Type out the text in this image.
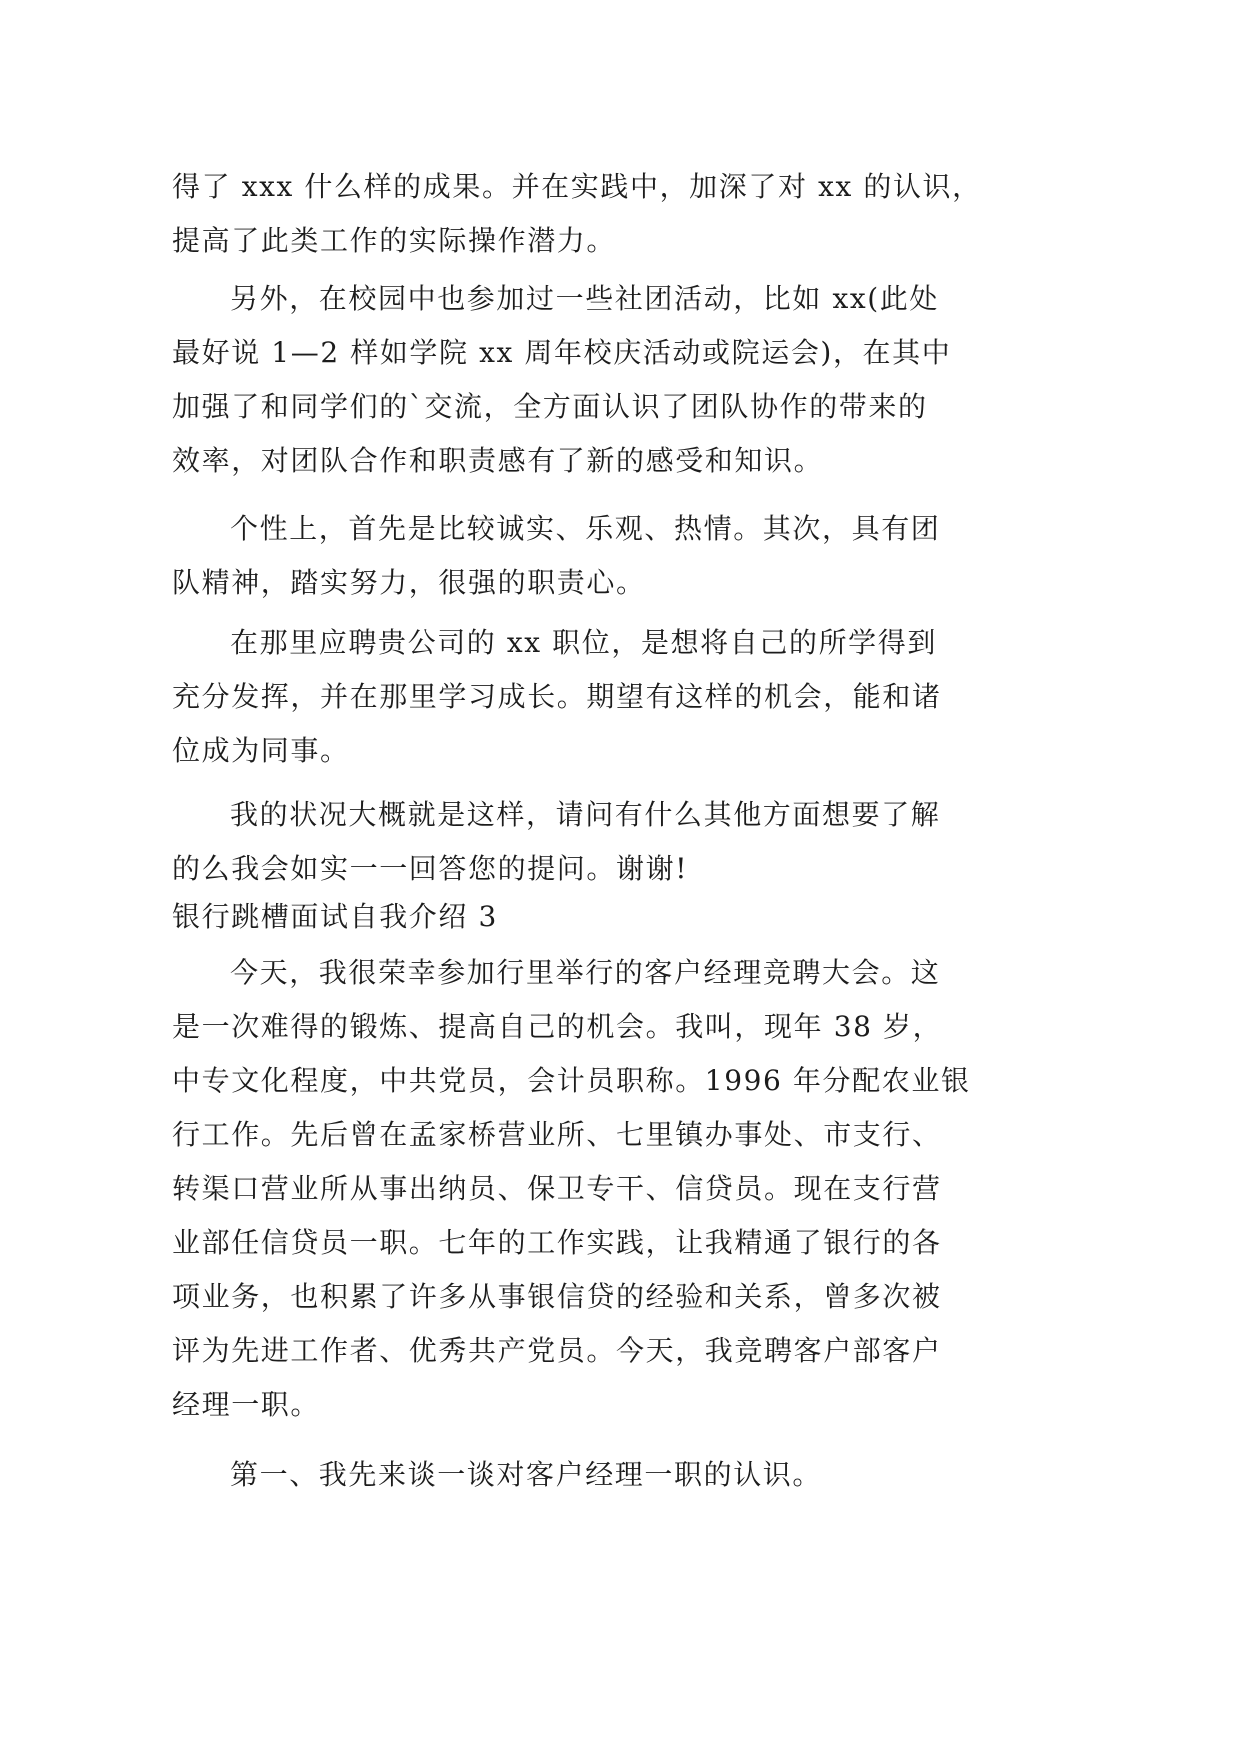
得了 xxx 什么样的成果。并在实践中，加深了对 xx 的认识，
提高了此类工作的实际操作潜力。
另外，在校园中也参加过一些社团活动，比如 xx(此处
最好说 1—2 样如学院 xx 周年校庆活动或院运会)，在其中
加强了和同学们的`交流，全方面认识了团队协作的带来的
效率，对团队合作和职责感有了新的感受和知识。
个性上，首先是比较诚实、乐观、热情。其次，具有团
队精神，踏实努力，很强的职责心。
在那里应聘贵公司的 xx 职位，是想将自己的所学得到
充分发挥，并在那里学习成长。期望有这样的机会，能和诸
位成为同事。
我的状况大概就是这样，请问有什么其他方面想要了解
的么我会如实一一回答您的提问。谢谢!
银行跳槽面试自我介绍 3
今天，我很荣幸参加行里举行的客户经理竞聘大会。这
是一次难得的锻炼、提高自己的机会。我叫，现年 38 岁，
中专文化程度，中共党员，会计员职称。1996 年分配农业银
行工作。先后曾在孟家桥营业所、七里镇办事处、市支行、
转渠口营业所从事出纳员、保卫专干、信贷员。现在支行营
业部任信贷员一职。七年的工作实践，让我精通了银行的各
项业务，也积累了许多从事银信贷的经验和关系，曾多次被
评为先进工作者、优秀共产党员。今天，我竞聘客户部客户
经理一职。
第一、我先来谈一谈对客户经理一职的认识。
